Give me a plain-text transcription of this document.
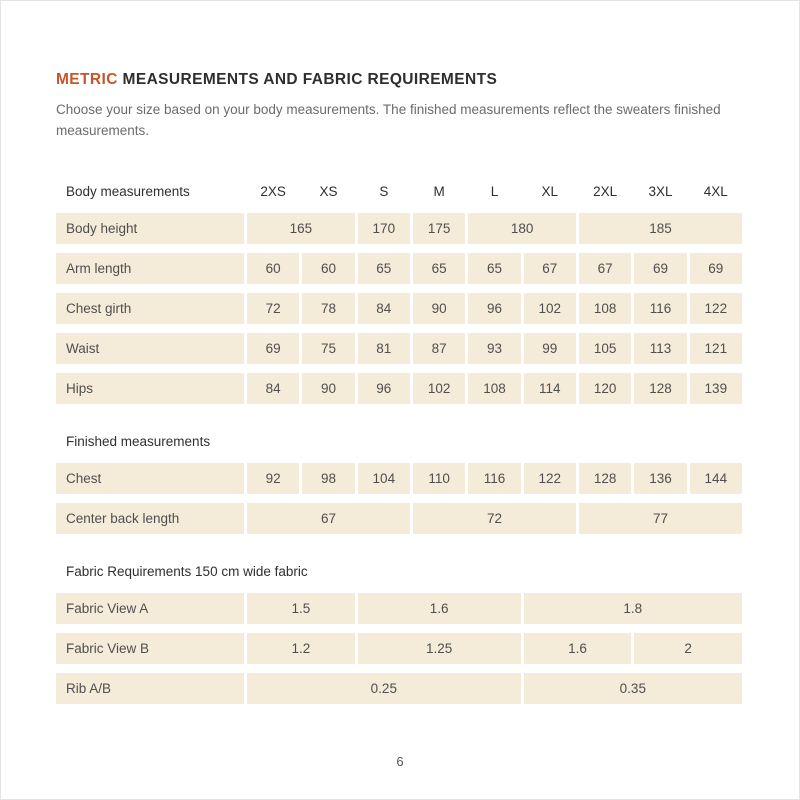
METRIC MEASUREMENTS AND FABRIC REQUIREMENTS

Choose your size based on your body measurements. The finished measurements reflect the sweaters finished measurements.

Body measurements	2XS	XS	S	M	L	XL	2XL	3XL	4XL
Body height	165		170	175	180		185		
Arm length	60	60	65	65	65	67	67	69	69
Chest girth	72	78	84	90	96	102	108	116	122
Waist	69	75	81	87	93	99	105	113	121
Hips	84	90	96	102	108	114	120	128	139
Finished measurements									
Chest	92	98	104	110	116	122	128	136	144
Center back length	67			72			77		
Fabric Requirements 150 cm wide fabric				
Fabric View A	1.5	1.6	1.8	
Fabric View B	1.2	1.25	1.6	2
Rib A/B	0.25		0.35	
6
